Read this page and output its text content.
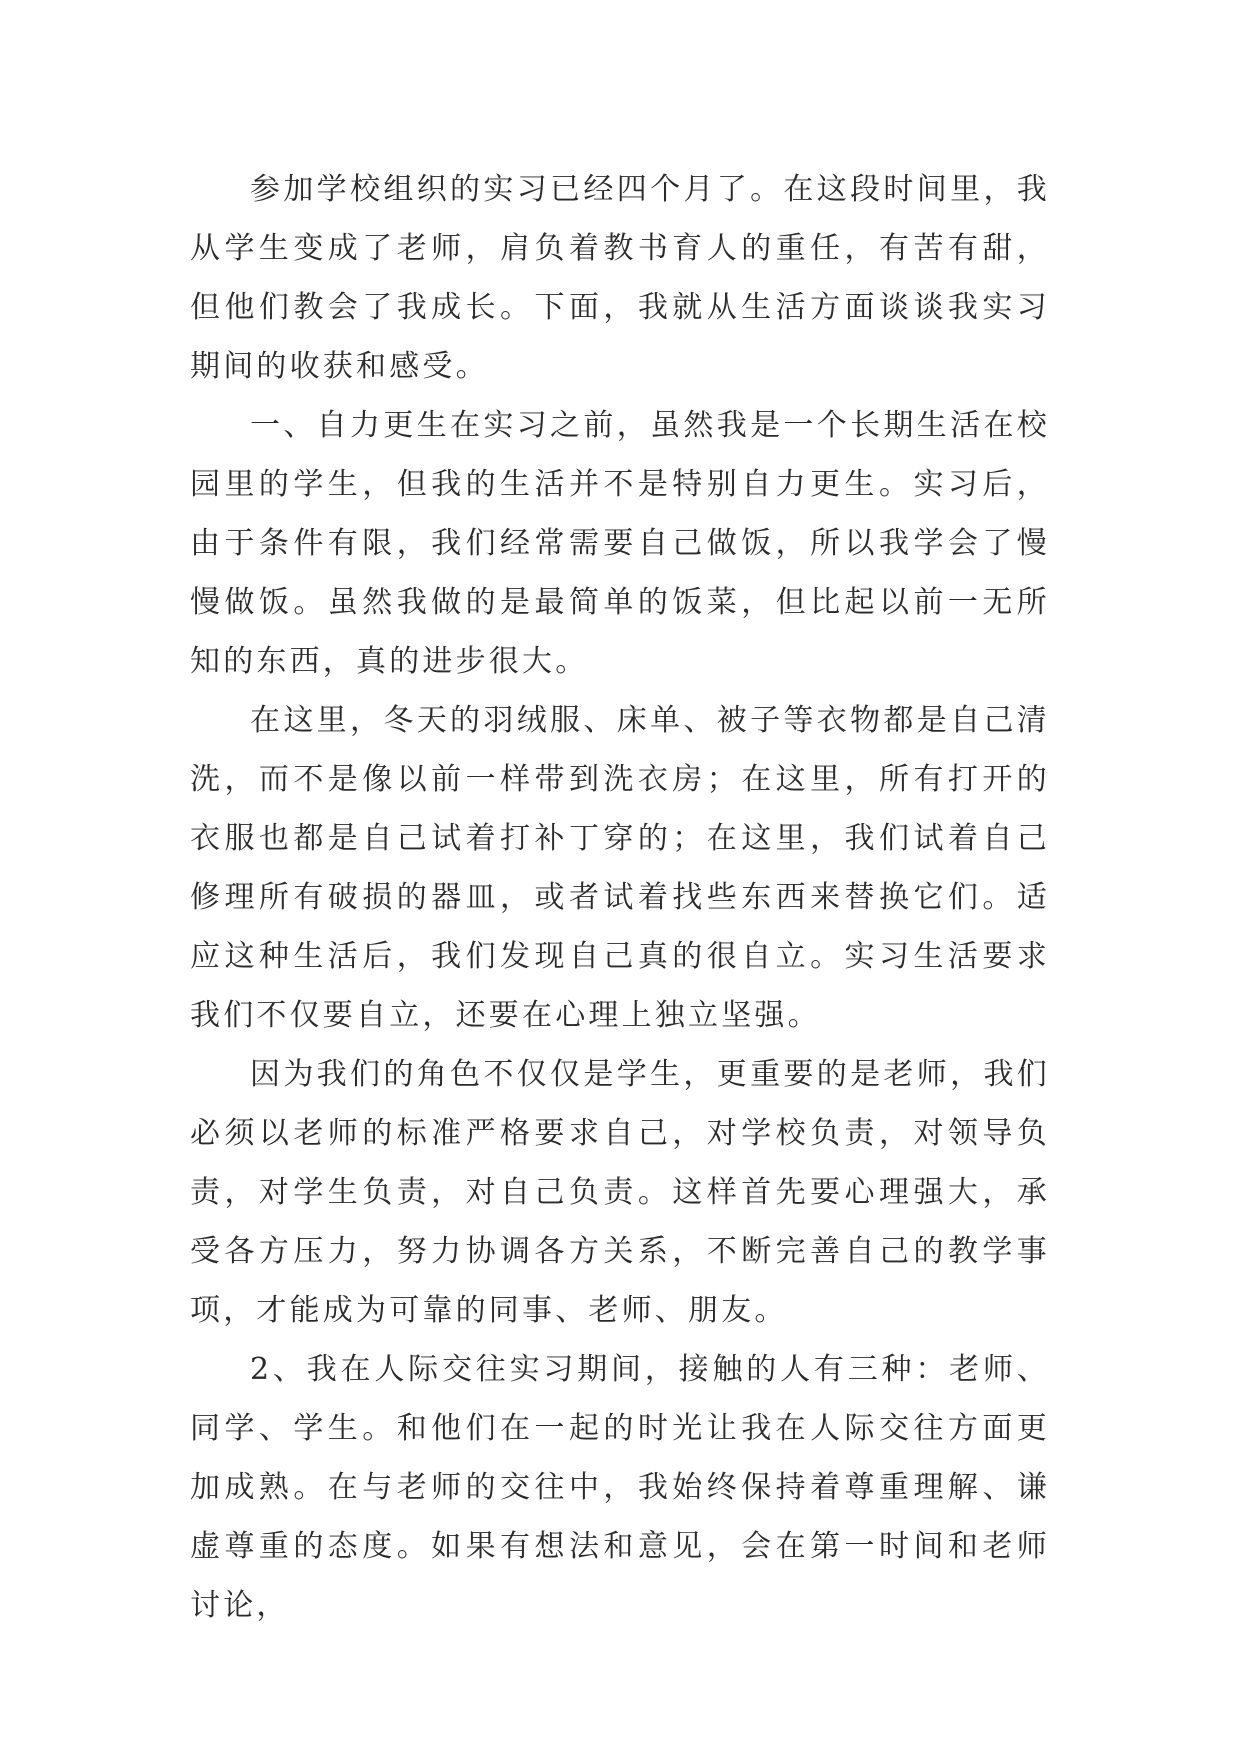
参加学校组织的实习已经四个月了。在这段时间里，我从学生变成了老师，肩负着教书育人的重任，有苦有甜，但他们教会了我成长。下面，我就从生活方面谈谈我实习期间的收获和感受。

一、自力更生在实习之前，虽然我是一个长期生活在校园里的学生，但我的生活并不是特别自力更生。实习后，由于条件有限，我们经常需要自己做饭，所以我学会了慢慢做饭。虽然我做的是最简单的饭菜，但比起以前一无所知的东西，真的进步很大。

在这里，冬天的羽绒服、床单、被子等衣物都是自己清洗，而不是像以前一样带到洗衣房；在这里，所有打开的衣服也都是自己试着打补丁穿的；在这里，我们试着自己修理所有破损的器皿，或者试着找些东西来替换它们。适应这种生活后，我们发现自己真的很自立。实习生活要求我们不仅要自立，还要在心理上独立坚强。

因为我们的角色不仅仅是学生，更重要的是老师，我们必须以老师的标准严格要求自己，对学校负责，对领导负责，对学生负责，对自己负责。这样首先要心理强大，承受各方压力，努力协调各方关系，不断完善自己的教学事项，才能成为可靠的同事、老师、朋友。

2、我在人际交往实习期间，接触的人有三种：老师、同学、学生。和他们在一起的时光让我在人际交往方面更加成熟。在与老师的交往中，我始终保持着尊重理解、谦虚尊重的态度。如果有想法和意见，会在第一时间和老师讨论，
